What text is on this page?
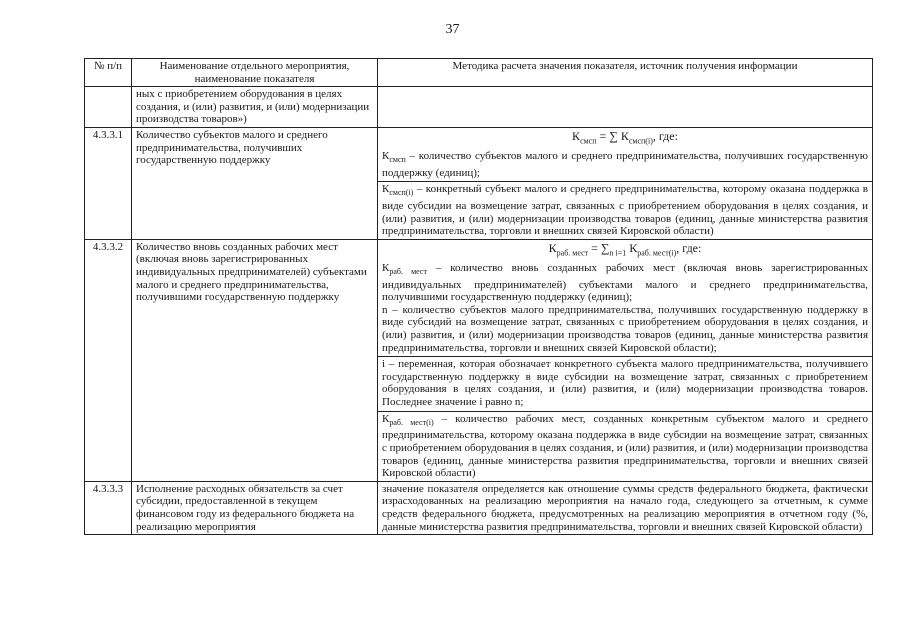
37
№ п/п	Наименование отдельного мероприятия, наименование показателя	Методика расчета значения показателя, источник получения информации
	ных с приобретением оборудования в целях создания, и (или) развития, и (или) модернизации производства товаров»)	
4.3.3.1	Количество субъектов малого и среднего предпринимательства, получивших государственную поддержку	$К_{смсп}$ = ∑ $К_{смсп(i)}$, где:

$К_{смсп}$ – количество субъектов малого и среднего предпринимательства, получивших государственную поддержку (единиц);

$К_{смсп(i)}$ – конкретный субъект малого и среднего предпринимательства, которому оказана поддержка в виде субсидии на возмещение затрат, связанных с приобретением оборудования в целях создания, и (или) развития, и (или) модернизации производства товаров (единиц, данные министерства развития предпринимательства, торговли и внешних связей Кировской области)

4.3.3.2	Количество вновь созданных рабочих мест (включая вновь зарегистрированных индивидуальных предпринимателей) субъектами малого и среднего предпринимательства, получившими государственную поддержку	$К_{раб. мест} = \sum_{n i=1}$ $К_{раб. мест(i)}$, где:

$К_{раб. мест}$ – количество вновь созданных рабочих мест (включая вновь зарегистрированных индивидуальных предпринимателей) субъектами малого и среднего предпринимательства, получившими государственную поддержку (единиц);

n – количество субъектов малого предпринимательства, получивших государственную поддержку в виде субсидий на возмещение затрат, связанных с приобретением оборудования в целях создания, и (или) развития, и (или) модернизации производства товаров (единиц, данные министерства развития предпринимательства, торговли и внешних связей Кировской области);

i – переменная, которая обозначает конкретного субъекта малого предпринимательства, получившего государственную поддержку в виде субсидии на возмещение затрат, связанных с приобретением оборудования в целях создания, и (или) развития, и (или) модернизации производства товаров. Последнее значение i равно n;

$К_{раб. мест(i)}$ – количество рабочих мест, созданных конкретным субъектом малого и среднего предпринимательства, которому оказана поддержка в виде субсидии на возмещение затрат, связанных с приобретением оборудования в целях создания, и (или) развития, и (или) модернизации производства товаров (единиц, данные министерства развития предпринимательства, торговли и внешних связей Кировской области)

4.3.3.3	Исполнение расходных обязательств за счет субсидии, предоставленной в текущем финансовом году из федерального бюджета на реализацию мероприятия	значение показателя определяется как отношение суммы средств федерального бюджета, фактически израсходованных на реализацию мероприятия на начало года, следующего за отчетным, к сумме средств федерального бюджета, предусмотренных на реализацию мероприятия в отчетном году (%, данные министерства развития предпринимательства, торговли и внешних связей Кировской области)
